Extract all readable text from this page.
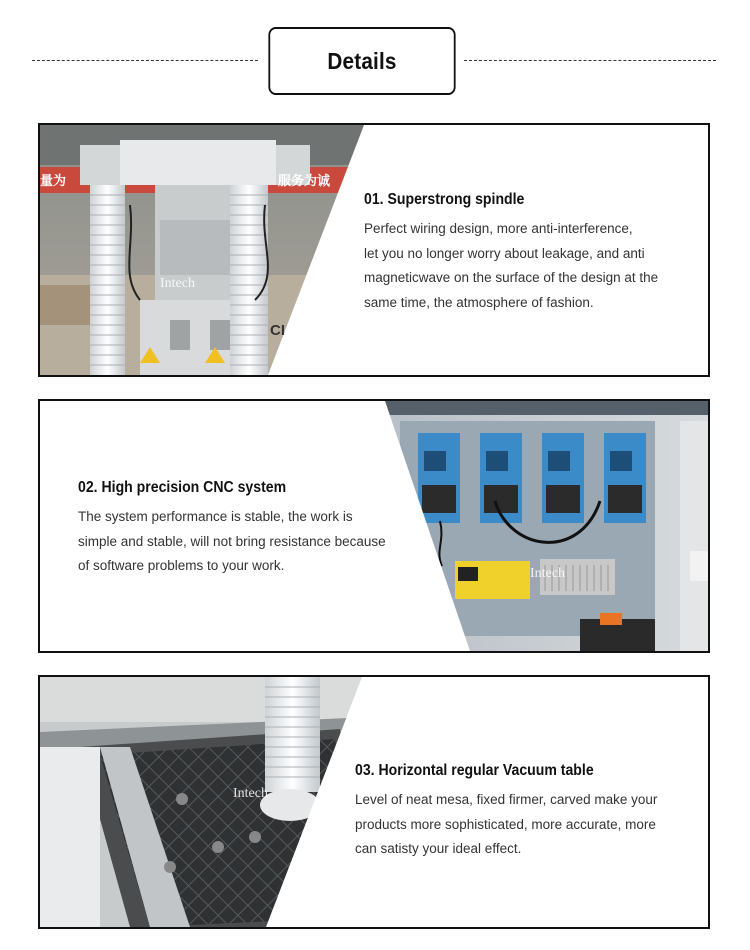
Details
量为	服务为诚
CI
Intech
01. Superstrong spindle
Perfect wiring design, more anti-interference,
let you no longer worry about leakage, and anti
magneticwave on the surface of the design at the
same time, the atmosphere of fashion.
Intech
02. High precision CNC system
The system performance is stable, the work is
simple and stable, will not bring resistance because
of software problems to your work.
Intech
03. Horizontal regular Vacuum table
Level of neat mesa, fixed firmer, carved make your
products more sophisticated, more accurate, more
can satisty your ideal effect.
